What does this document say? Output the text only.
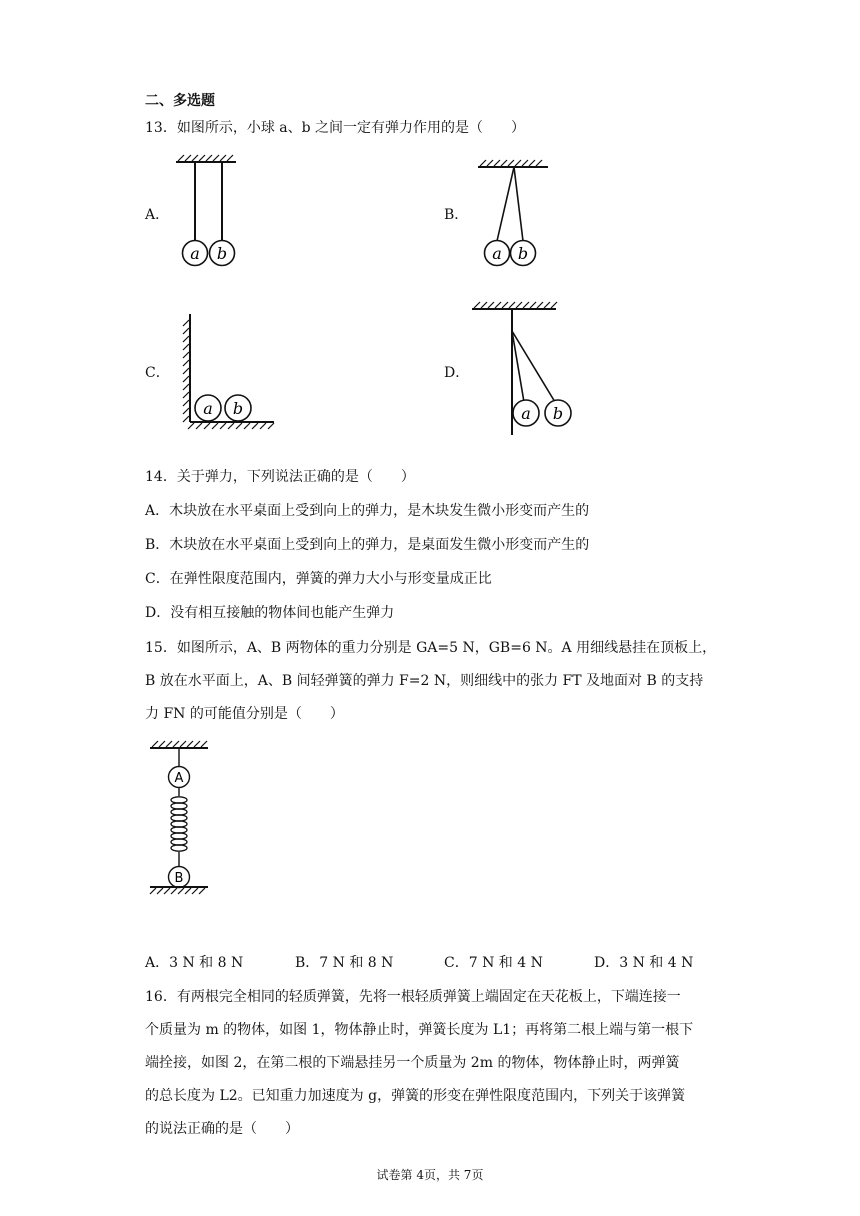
二、多选题
13．如图所示，小球 a、b 之间一定有弹力作用的是（　　）
A．	B．
C．	D．
a b	a b
a b	a b
14．关于弹力，下列说法正确的是（　　）
A．木块放在水平桌面上受到向上的弹力，是木块发生微小形变而产生的
B．木块放在水平桌面上受到向上的弹力，是桌面发生微小形变而产生的
C．在弹性限度范围内，弹簧的弹力大小与形变量成正比
D．没有相互接触的物体间也能产生弹力
15．如图所示，A、B 两物体的重力分别是 GA=5 N，GB=6 N。A 用细线悬挂在顶板上，
B 放在水平面上，A、B 间轻弹簧的弹力 F=2 N，则细线中的张力 FT 及地面对 B 的支持
力 FN 的可能值分别是（　　）
A
B
A．3 N 和 8 N	B．7 N 和 8 N	C．7 N 和 4 N	D．3 N 和 4 N
16．有两根完全相同的轻质弹簧，先将一根轻质弹簧上端固定在天花板上，下端连接一
个质量为 m 的物体，如图 1，物体静止时，弹簧长度为 L1；再将第二根上端与第一根下
端拴接，如图 2，在第二根的下端悬挂另一个质量为 2m 的物体，物体静止时，两弹簧
的总长度为 L2。已知重力加速度为 g，弹簧的形变在弹性限度范围内，下列关于该弹簧
的说法正确的是（　　）
试卷第 4页，共 7页
